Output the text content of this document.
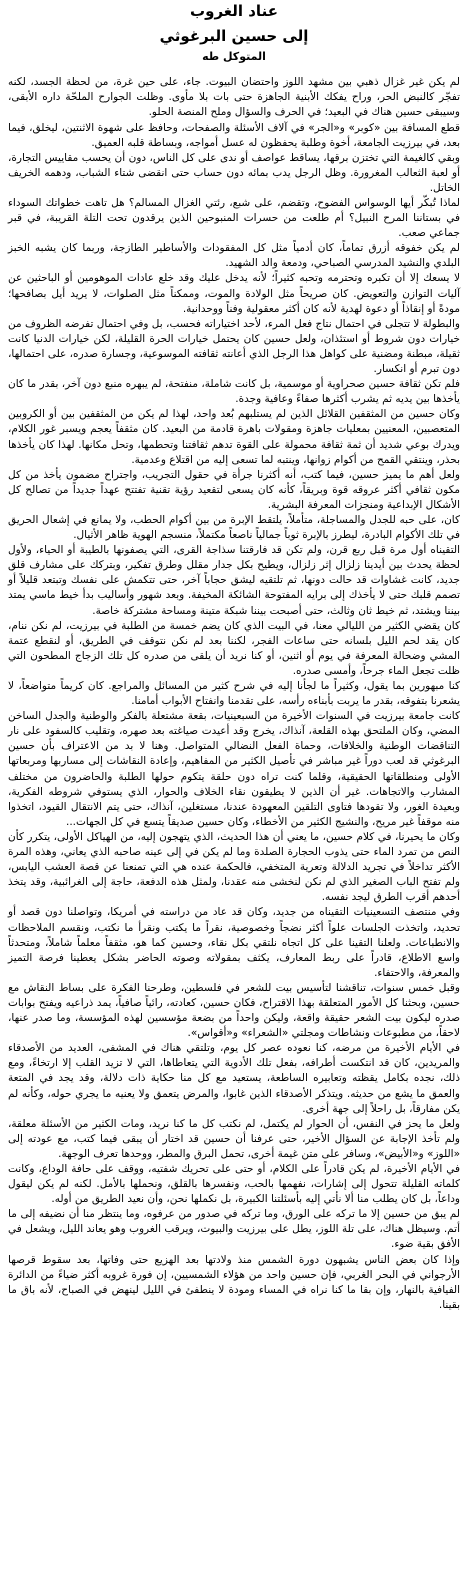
عناد الغروب
إلى حسين البرغوثي
المتوكل طه

لم يكن غير غزال ذهبي بين مشهد اللوز واحتضان البيوت. جاء، على حين غرة، من لحظة الجسد، لكنه تفجّر كالنبض الحر، وراح يفكك الأبنية الجاهزة حتى بات بلا مأوى. وظلت الجوارح الملحّة داره الأبقى، وسيبقى حسين هناك في البعيد؛ في الحرف والسؤال وملح المنصة الحلو.

قطع المسافة بين «كوبر» و«الجر» في آلاف الأسئلة والصفحات، وحافظ على شهوة الاثنتين، ليخلق، فيما بعد، في بيرزيت الجامعة، أخوة وطلبة يحفظون له عسل أمواجه، وبساطة قلبه العميق.

وبقي كالغيمة التي تختزن برقها، يساقط عواصف أو ندى على كل الناس، دون أن يحسب مقاييس التجارة، أو لعبة الثعالب المغرورة. وظل الرجل يدب بمائه دون حساب حتى انقضى شتاء الشباب، ودهمه الخريف الخاتل.

لماذا تُبكّر أيها الوسواس الفضوح، وتقضم، على شبع، رئتي الغزال المسالم؟ هل تاهت خطواتك السوداء في بستاننا المرح النبيل؟ أم طلعت من حسرات المنبوحين الذين يرقدون تحت التلة القريبة، في قبر جماعي صعب.

لم يكن خفوقه أزرق تماماً، كان أدمياً مثل كل المفقودات والأساطير الطازجة، وربما كان يشبه الخبز البلدي والنشيد المدرسي الصباحي، ودمعة والد الشهيد.

لا يسعك إلا أن تكبره وتحترمه وتحبه كثيراً؛ لأنه يدخل عليك وقد خلع عادات الموهومين أو الباحثين عن آليات التوازن والتعويض. كان صريحاً مثل الولادة والموت، وممكناً مثل الصلوات، لا يريد أيل بصافحها؛ مودةً أو إنقاذاً أو دعوة لهدية لأنه كان أكثر معقولية وفناً ووحدانية.

والبطولة لا تتجلى في احتمال نتاج فعل المرء، لأحد اختياراته فحسب، بل وفي احتمال تفرضه الظروف من خيارات دون شروط أو استئذان، ولعل حسين كان يحتمل خيارات الحرة القليلة، لكن خيارات الدنيا كانت ثقيلة، مبطنة ومضنية على كواهل هذا الرجل الذي أعانته ثقافته الموسوعية، وجسارة صدره، على احتمالها، دون تبرم أو انكسار.

فلم تكن ثقافة حسين صحراوية أو موسمية، بل كانت شاملة، منفتحة، لم يبهره منبع دون آخر، بقدر ما كان يأخذها بين يديه ثم يشرب أكثرها صفاءً وعافية وجدة.

وكان حسين من المثقفين القلائل الذين لم يستلبهم بُعد واحد، لهذا لم يكن من المثقفين بين أو الكروبين المتعصبين، المعنيين بمعليات جاهزة ومقولات باهرة قادمة من البعيد. كان مثقفاً يعجم ويسبر غور الكلام، ويدرك بوعي شديد أن ثمة ثقافة محمولة على القوة تدهم ثقافتنا وتحطمها، وتحل مكانها. لهذا كان يأخذها بحذر، وينتقي القمح من أكوام زوانها، وينتبه لما تسعى إليه من اقتلاع وعدمية.

ولعل أهم ما يميز حسين، فيما كتب، أنه أكثرنا جرأة في حقول التجريب، واجتراح مضمون يأخذ من كل مكون ثقافي أكثر عروقه قوة وبريقاً، كأنه كان يسعى لتقعيد رؤية تقنية تفتتح عهداً جديداً من تصالح كل الأشكال الإبداعية ومنجزات المعرفة البشرية.

كان، على حبه للجدل والمساجلة، متأملاً، يلتقط الإبرة من بين أكوام الحطب، ولا يمانع في إشعال الحريق في تلك الأكوام البادرة، ليطرز بالإبرة ثوباً جمالياً ناصعاً مكتملاً، منسجم الهوية ظاهر الأثيال.

التقيناه أول مرة قبل ربع قرن، ولم تكن قد فارقتنا سذاجة القرى، التي يصفونها بالطيبة أو الحياء، ولأول لحظة يحدث بين أيدينا زلزال إثر زلزال، ويطيح بكل جدار مقلل وطرق تفكير، وبتركك على مشارف قلق جديد، كانت غشاوات قد حالت دونها، ثم تلتقيه ليشق حجاباً آخر، حتى تتكمش على نفسك وتبتعد قليلاً أو تصمم قلبك حتى لا يأخذك إلى برايه المفتوحة الشائكة المخيفة. وبعد شهور وأساليب بدأ خيط ماسي يمتد بيننا ويشتد، ثم خيط ثان وثالث، حتى أصبحت بيننا شبكة متينة ومساحة مشتركة خاصة.

كان يقضي الكثير من الليالي معنا، في البيت الذي كان يضم خمسة من الطلبة في بيرزيت، لم نكن ننام، كان يقد لحم الليل بلسانه حتى ساعات الفجر، لكننا بعد لم نكن نتوقف في الطريق، أو لنقطع عتمة المشي وضحالة المعرفة في يوم أو اثنين، أو كنا نريد أن يلقى من صدره كل تلك الزجاج المطحون التي ظلت تجعل الماء جرحاً، وأمسى صدره.

كنا مبهورين بما يقول، وكثيراً ما لجأنا إليه في شرح كثير من المسائل والمراجع. كان كريماً متواضعاً، لا يشعرنا بتفوقه، بقدر ما يربت بأبناءه رأسه، على تقدمنا وانفتاح الأبواب أمامنا.

كانت جامعة بيرزيت في السنوات الأخيرة من السبعينيات، بقعة مشتعلة بالفكر والوطنية والجدل الساخن المضي، وكان الملتحق بهذه القلعة، آنذاك، يخرج وقد أعيدت صياغته بعد صهره، وتقليب كالسفود على نار التناقضات الوطنية والخلافات، وحماة الفعل النضالي المتواصل. وهنا لا بد من الاعتراف بأن حسين البرغوثي قد لعب دوراً غير مباشر في تأصيل الكثير من المفاهيم، وإعادة النقاشات إلى مساربها ومربعاتها الأولى ومنطلقاتها الحقيقية، وقلما كنت تراه دون حلقة يتكوم حولها الطلبة والحاضرون من مختلف المشارب والاتجاهات. غير أن الذين لا يطيقون نقاء الخلاف والحوار، الذي يستوفي شروطه الفكرية، وبعيدة الغور، ولا تقودها فتاوى التلقين المعهودة عندنا، مستغلين، آنذاك، حتى يتم الانتقال القيود، اتخذوا منه موقفاً غير مريح، والنشيج الكثير من الأخطاء، وكان حسين صديقاً يتسع في كل الجهات...

وكان ما يحيرنا، في كلام حسين، ما يعني أن هذا الحديث، الذي يتهجون إليه، من الهياكل الأولى، يتكرر كأن النص من تمرد الماء حتى يذوب الحجارة الصلدة وما لم يكن في إلى عينه صاحبه الذي يعاني، وهذه المرة الأكثر تداخلاً في تجريد الدلالة وتعرية المتخفي، فالحكمة عنده هي التي تمنعنا عن قصة العشب اليابس، ولم تفتح الباب الصغير الذي لم نكن لنخشى منه عقدنا، ولمثل هذه الدفعة، حاجة إلى الغرائبية، وقد يتخذ أحدهم أقرب الطرق ليجد نفسه.

وفي منتصف التسعينيات التقيناه من جديد، وكان قد عاد من دراسته في أمريكا، وتواصلنا دون قصد أو تحديد، واتخذت الجلسات علواً أكثر نضجاً وخصوصية، نقراً ما يكتب ونقرأ ما نكتب، ونقسم الملاحظات والانطباعات. ولعلنا التقينا على كل اتجاه نلتقي بكل نقاء، وحسين كما هو، مثقفاً معلماً شاملاً، ومتحدثاً واسع الاطلاع، قادراً على ربط المعارف، يكثف بمقولاته وصوته الحاضر بشكل يعطينا فرصة التميز والمعرفة، والاحتفاء.

وقبل خمس سنوات، تناقشنا لتأسيس بيت للشعر في فلسطين، وطرحنا الفكرة على بساط النقاش مع حسين، وبحثنا كل الأمور المتعلقة بهذا الاقتراح، فكان حسين، كعادته، رائياً صافياً، يمد ذراعيه ويفتح بوابات صدره ليكون بيت الشعر حقيقة واقعة، وليكن واحداً من بضعة مؤسسين لهذه المؤسسة، وما صدر عنها، لاحقاً، من مطبوعات ونشاطات ومجلتي «الشعراء» و«أقواس».

في الأيام الأخيرة من مرضه، كنا نعوده عصر كل يوم، وتلتقي هناك في المشفى، العديد من الأصدقاء والمريدين، كان قد انتكست أطرافه، بفعل تلك الأدوية التي يتعاطاها، التي لا تزيد القلب إلا ارتخاءً، ومع ذلك، نجده بكامل يقظته وتعابيره الساطعة، يستعيد مع كل منا حكاية ذات دلالة، وقد يجد في المتعة والعمق ما يشع من حديثه. ويتذكر الأصدقاء الذين غابوا، والمرض يتعمق ولا يعنيه ما يجري حوله، وكأنه لم يكن مفارقاً، بل راحلاً إلى جهة أخرى.

ولعل ما يحز في النفس، أن الحوار لم يكتمل، لم نكتب كل ما كنا نريد، ومات الكثير من الأسئلة معلقة، ولم تأخذ الإجابة عن السؤال الأخير، حتى عرفنا أن حسين قد اختار أن يبقى فيما كتب، مع عودته إلى «اللوز» و«الأبيض»، وسافر على متن غيمة أخرى، تحمل البرق والمطر، ووحدها تعرف الوجهة.

في الأيام الأخيرة، لم يكن قادراً على الكلام، أو حتى على تحريك شفتيه، ووقف على حافة الوداع، وكانت كلماته القليلة تتحول إلى إشارات، نفهمها بالحب، ونفسرها بالقلق، ونحملها بالأمل. لكنه لم يكن ليقول وداعاً، بل كان يطلب منا ألا نأتي إليه بأسئلتنا الكبيرة، بل نكملها نحن، وأن نعيد الطريق من أوله.

لم يبق من حسين إلا ما تركه على الورق، وما تركه في صدور من عرفوه، وما ينتظر منا أن نضيفه إلى ما أتم. وسيظل هناك، على تلة اللوز، يطل على بيرزيت والبيوت، ويرقب الغروب وهو يعاند الليل، ويشعل في الأفق بقية ضوء.

وإذا كان بعض الناس يشبهون دورة الشمس منذ ولادتها بعد الهزيع حتى وفاتها، بعد سقوط قرصها الأرجواني في البحر الغربي، فإن حسين واحد من هؤلاء الشمسيين، إن فورة غروبه أكثر ضياءً من الدائرة الفيافية بالنهار، وإن بقا ما كنا نراه في المساء ومودة لا ينطفئ في الليل لينهض في الصباح، لأنه باق ما بقينا.
